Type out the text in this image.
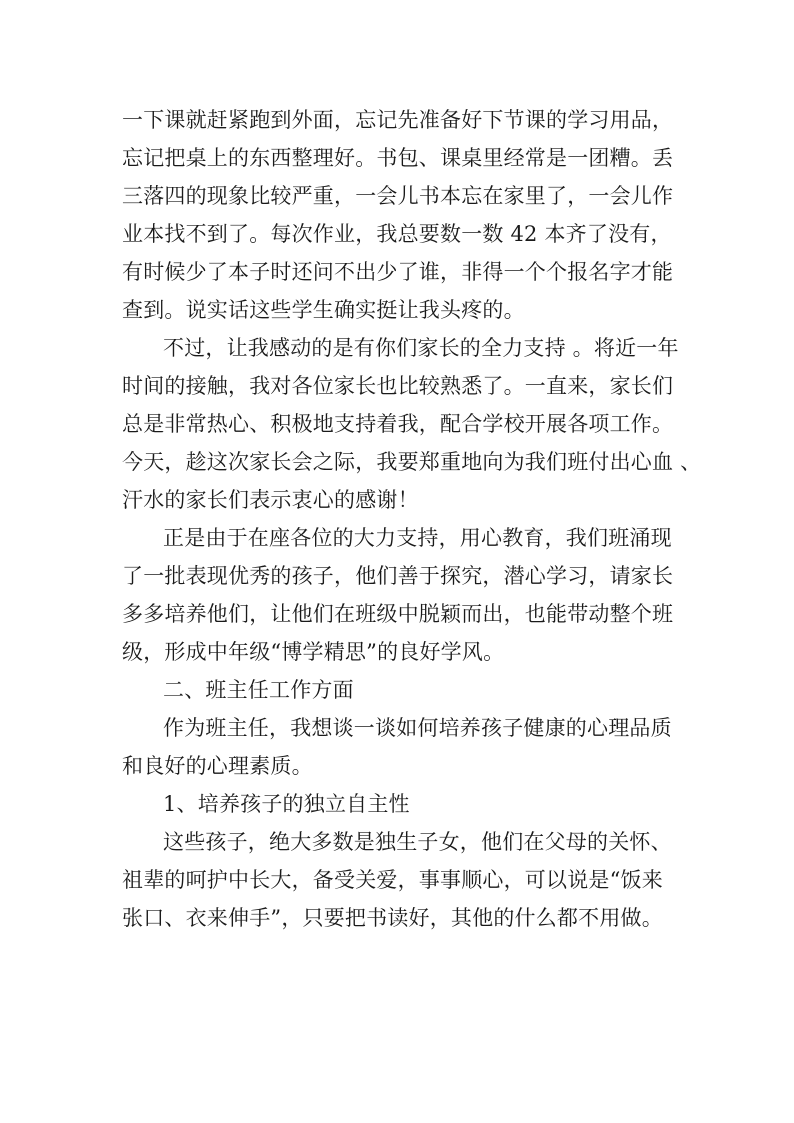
一下课就赶紧跑到外面，忘记先准备好下节课的学习用品，
忘记把桌上的东西整理好。书包、课桌里经常是一团糟。丢
三落四的现象比较严重，一会儿书本忘在家里了，一会儿作
业本找不到了。每次作业，我总要数一数 42 本齐了没有，
有时候少了本子时还问不出少了谁，非得一个个报名字才能
查到。说实话这些学生确实挺让我头疼的。
不过，让我感动的是有你们家长的全力支持 。将近一年
时间的接触，我对各位家长也比较熟悉了。一直来，家长们
总是非常热心、积极地支持着我，配合学校开展各项工作。
今天，趁这次家长会之际，我要郑重地向为我们班付出心血 、
汗水的家长们表示衷心的感谢！
正是由于在座各位的大力支持，用心教育，我们班涌现
了一批表现优秀的孩子，他们善于探究，潜心学习，请家长
多多培养他们，让他们在班级中脱颖而出，也能带动整个班
级，形成中年级“博学精思”的良好学风。
二、班主任工作方面
作为班主任，我想谈一谈如何培养孩子健康的心理品质
和良好的心理素质。
1、培养孩子的独立自主性
这些孩子，绝大多数是独生子女，他们在父母的关怀、
祖辈的呵护中长大，备受关爱，事事顺心，可以说是“饭来
张口、衣来伸手”，只要把书读好，其他的什么都不用做。
